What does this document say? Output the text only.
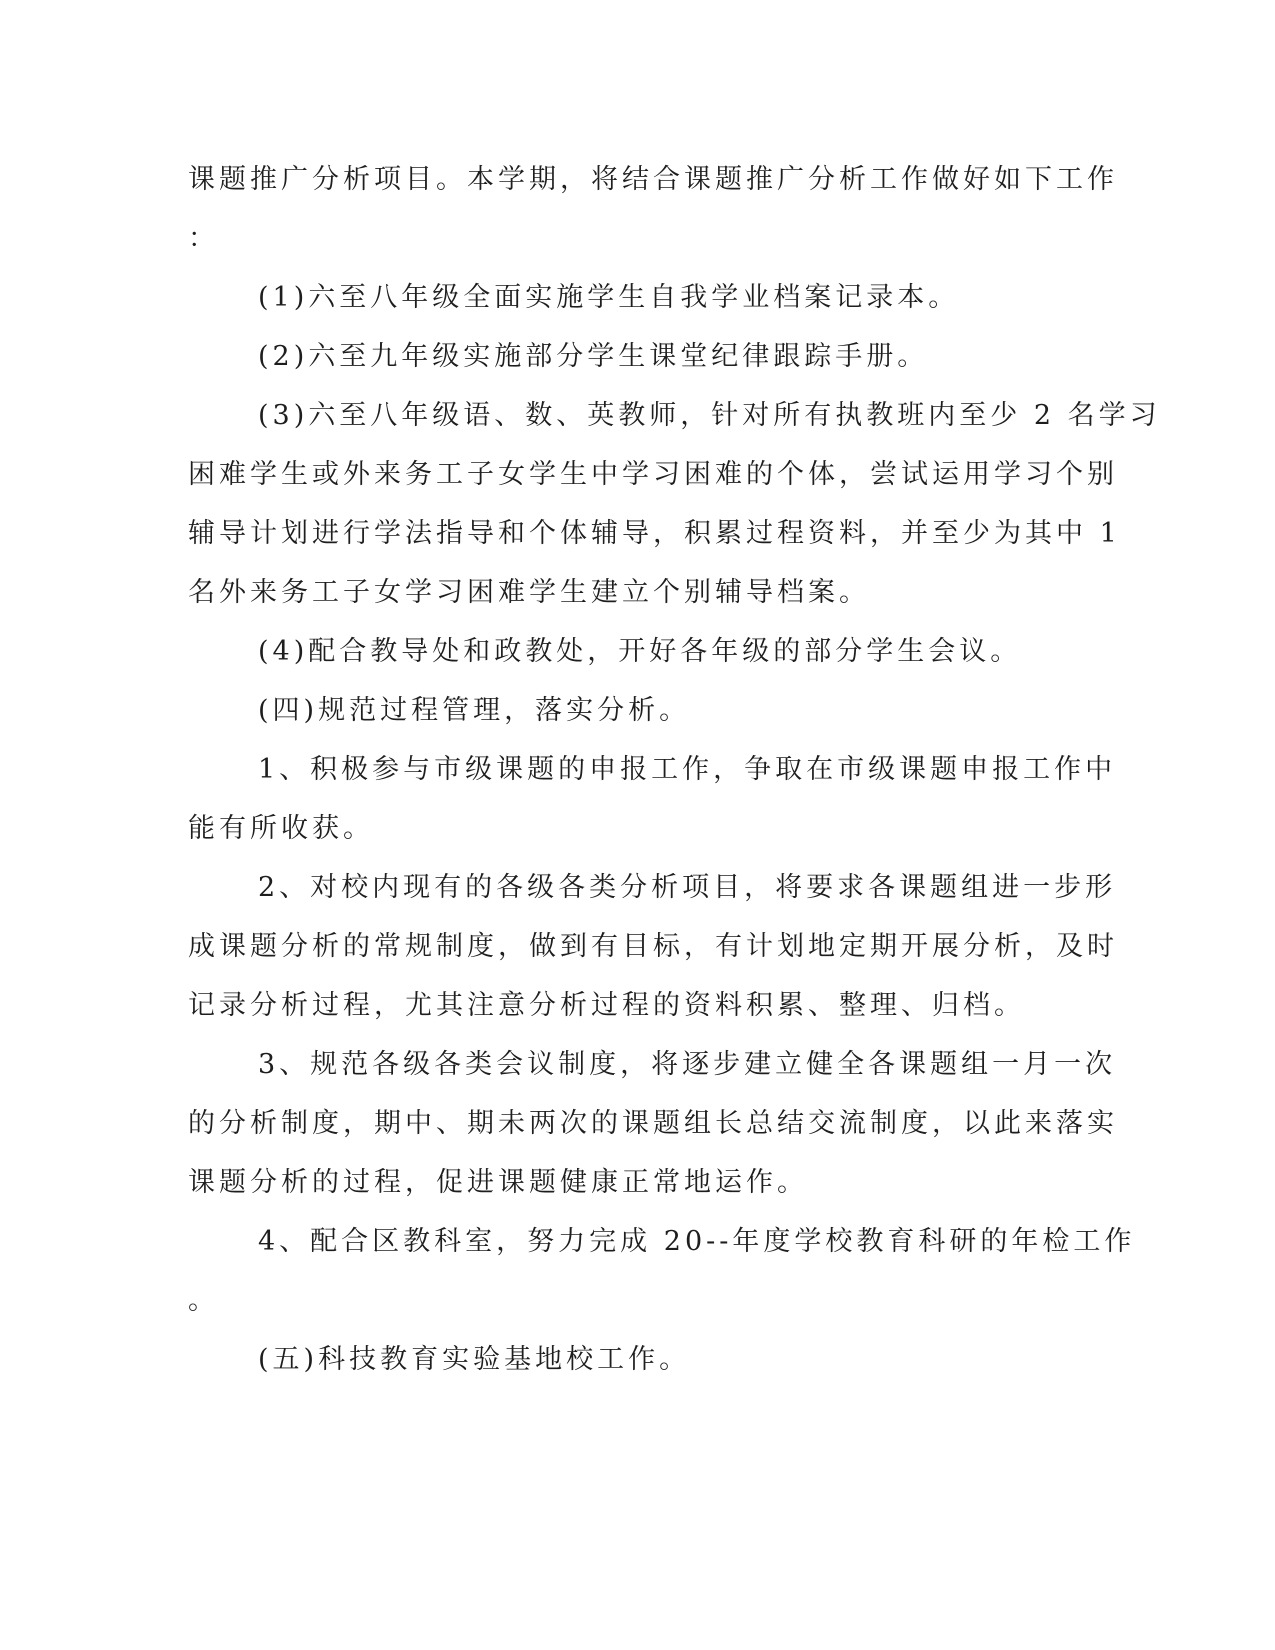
课题推广分析项目。本学期，将结合课题推广分析工作做好如下工作
：
(1)六至八年级全面实施学生自我学业档案记录本。
(2)六至九年级实施部分学生课堂纪律跟踪手册。
(3)六至八年级语、数、英教师，针对所有执教班内至少 2 名学习
困难学生或外来务工子女学生中学习困难的个体，尝试运用学习个别
辅导计划进行学法指导和个体辅导，积累过程资料，并至少为其中 1
名外来务工子女学习困难学生建立个别辅导档案。
(4)配合教导处和政教处，开好各年级的部分学生会议。
(四)规范过程管理，落实分析。
1、积极参与市级课题的申报工作，争取在市级课题申报工作中
能有所收获。
2、对校内现有的各级各类分析项目，将要求各课题组进一步形
成课题分析的常规制度，做到有目标，有计划地定期开展分析，及时
记录分析过程，尤其注意分析过程的资料积累、整理、归档。
3、规范各级各类会议制度，将逐步建立健全各课题组一月一次
的分析制度，期中、期未两次的课题组长总结交流制度，以此来落实
课题分析的过程，促进课题健康正常地运作。
4、配合区教科室，努力完成 20--年度学校教育科研的年检工作
。
(五)科技教育实验基地校工作。
